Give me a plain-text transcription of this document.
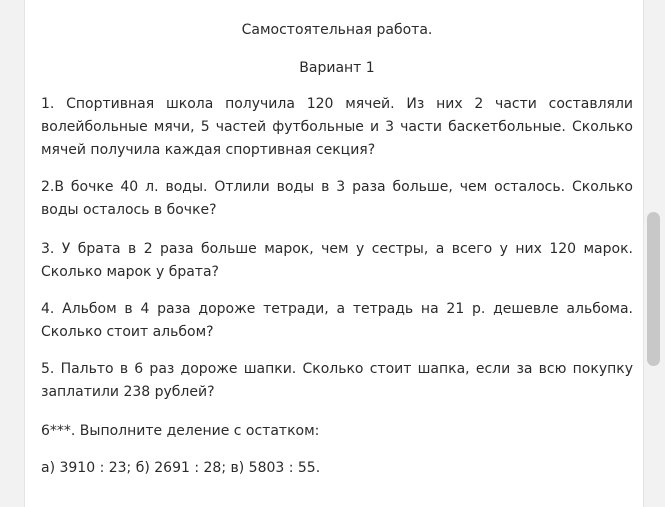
Самостоятельная работа.

Вариант 1

1. Спортивная школа получила 120 мячей. Из них 2 части составляли волейбольные мячи, 5 частей футбольные и 3 части баскетбольные. Сколько мячей получила каждая спортивная секция?

2.В бочке 40 л. воды. Отлили воды в 3 раза больше, чем осталось. Сколько воды осталось в бочке?

3. У брата в 2 раза больше марок, чем у сестры, а всего у них 120 марок. Сколько марок у брата?

4. Альбом в 4 раза дороже тетради, а тетрадь на 21 р. дешевле альбома. Сколько стоит альбом?

5. Пальто в 6 раз дороже шапки. Сколько стоит шапка, если за всю покупку заплатили 238 рублей?

6***. Выполните деление с остатком:

а) 3910 : 23; б) 2691 : 28; в) 5803 : 55.
